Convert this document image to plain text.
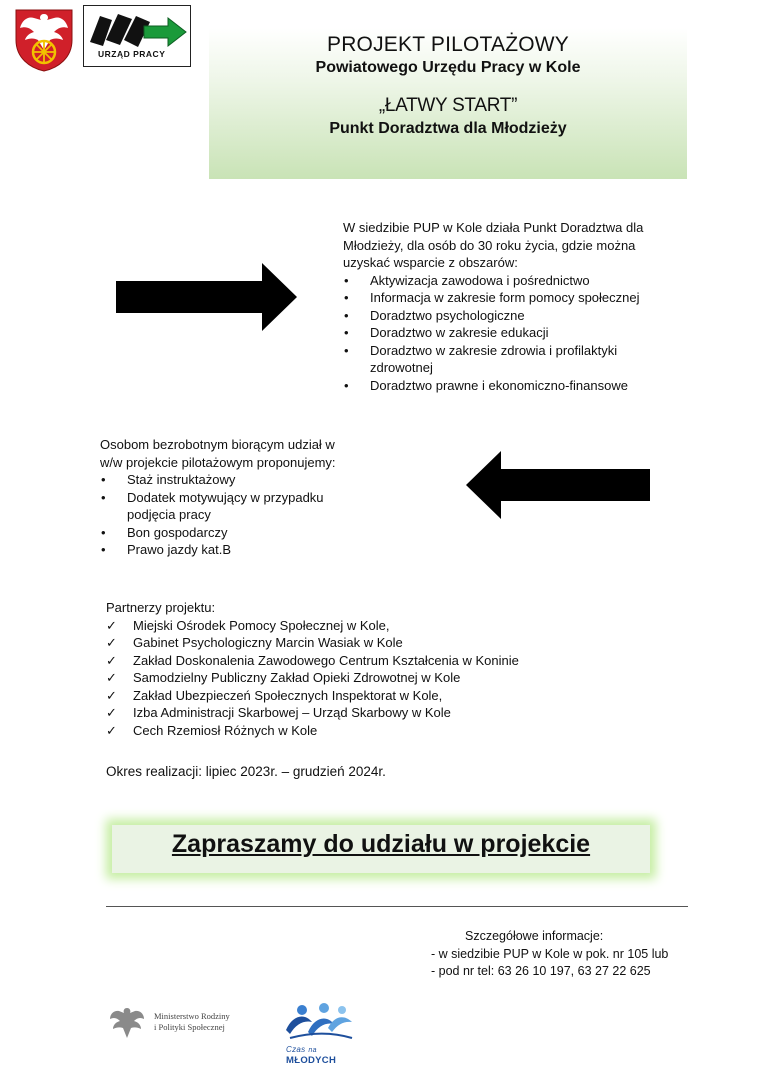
URZĄD PRACY	PROJEKT PILOTAŻOWY
Powiatowego Urzędu Pracy w Kole
„ŁATWY START”
Punkt Doradztwa dla Młodzieży
W siedzibie PUP w Kole działa Punkt Doradztwa dla Młodzieży, dla osób do 30 roku życia, gdzie można uzyskać wsparcie z obszarów:
• Aktywizacja zawodowa i pośrednictwo
• Informacja w zakresie form pomocy społecznej
• Doradztwo psychologiczne
• Doradztwo w zakresie edukacji
• Doradztwo w zakresie zdrowia i profilaktyki zdrowotnej
• Doradztwo prawne i ekonomiczno-finansowe
Osobom bezrobotnym biorącym udział w w/w projekcie pilotażowym proponujemy:
• Staż instruktażowy
• Dodatek motywujący w przypadku podjęcia pracy
• Bon gospodarczy
• Prawo jazdy kat.B
Partnerzy projektu:
✓ Miejski Ośrodek Pomocy Społecznej w Kole,
✓ Gabinet Psychologiczny Marcin Wasiak w Kole
✓ Zakład Doskonalenia Zawodowego Centrum Kształcenia w Koninie
✓ Samodzielny Publiczny Zakład Opieki Zdrowotnej w Kole
✓ Zakład Ubezpieczeń Społecznych Inspektorat w Kole,
✓ Izba Administracji Skarbowej – Urząd Skarbowy w Kole
✓ Cech Rzemiosł Różnych w Kole
Okres realizacji: lipiec 2023r. – grudzień 2024r.
Zapraszamy do udziału w projekcie
Szczegółowe informacje:
- w siedzibie PUP w Kole w pok. nr 105 lub
- pod nr tel: 63 26 10 197, 63 27 22 625
Ministerstwo Rodziny
i Polityki Społecznej
Czas na
MŁODYCH
